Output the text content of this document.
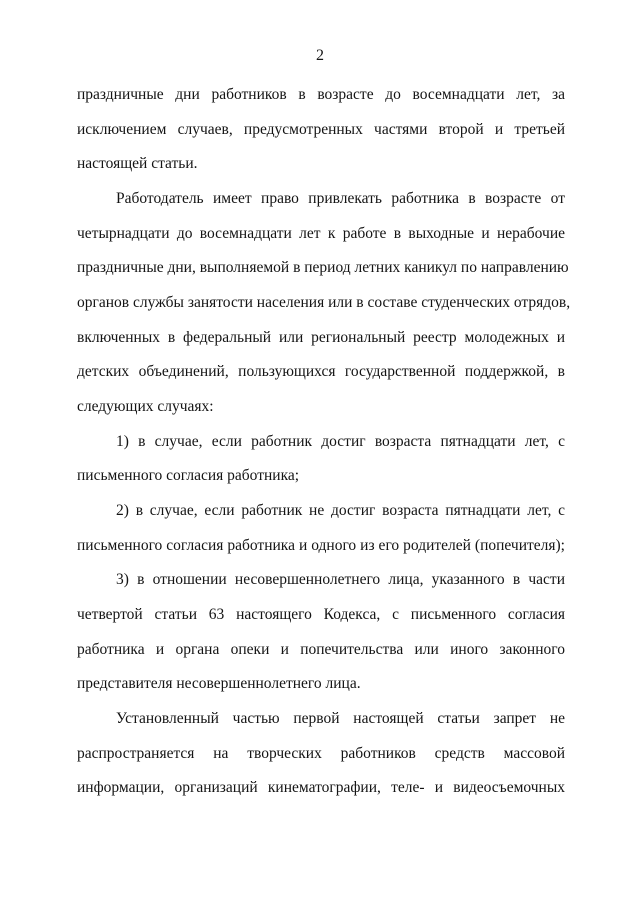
2
праздничные дни работников в возрасте до восемнадцати лет, за
исключением случаев, предусмотренных частями второй и третьей
настоящей статьи.
Работодатель имеет право привлекать работника в возрасте от
четырнадцати до восемнадцати лет к работе в выходные и нерабочие
праздничные дни, выполняемой в период летних каникул по направлению
органов службы занятости населения или в составе студенческих отрядов,
включенных в федеральный или региональный реестр молодежных и
детских объединений, пользующихся государственной поддержкой, в
следующих случаях:
1) в случае, если работник достиг возраста пятнадцати лет, с
письменного согласия работника;
2) в случае, если работник не достиг возраста пятнадцати лет, с
письменного согласия работника и одного из его родителей (попечителя);
3) в отношении несовершеннолетнего лица, указанного в части
четвертой статьи 63 настоящего Кодекса, с письменного согласия
работника и органа опеки и попечительства или иного законного
представителя несовершеннолетнего лица.
Установленный частью первой настоящей статьи запрет не
распространяется на творческих работников средств массовой
информации, организаций кинематографии, теле- и видеосъемочных
